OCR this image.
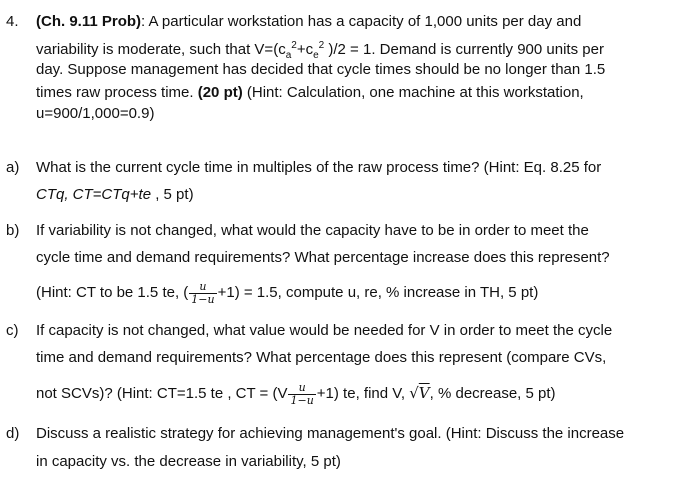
4. (Ch. 9.11 Prob): A particular workstation has a capacity of 1,000 units per day and
variability is moderate, such that $V=(c_a^2+c_e^2$ )/2 = 1. Demand is currently 900 units per
day. Suppose management has decided that cycle times should be no longer than 1.5
times raw process time. (20 pt) (Hint: Calculation, one machine at this workstation,
u=900/1,000=0.9)
a) What is the current cycle time in multiples of the raw process time? (Hint: Eq. 8.25 for
CTq, CT=CTq+te , 5 pt)
b) If variability is not changed, what would the capacity have to be in order to meet the
cycle time and demand requirements? What percentage increase does this represent?
(Hint: CT to be 1.5 te, ( $\frac{u}{1-u} +1) = 1.5$, compute u, re, % increase in TH, 5 pt)
c) If capacity is not changed, what value would be needed for V in order to meet the cycle
time and demand requirements? What percentage does this represent (compare CVs,
not SCVs)? (Hint: CT=1.5 te , CT = $(V \frac{u}{1-u} +1)$ te, find V, √V, % decrease, 5 pt)
d) Discuss a realistic strategy for achieving management's goal. (Hint: Discuss the increase
in capacity vs. the decrease in variability, 5 pt)
